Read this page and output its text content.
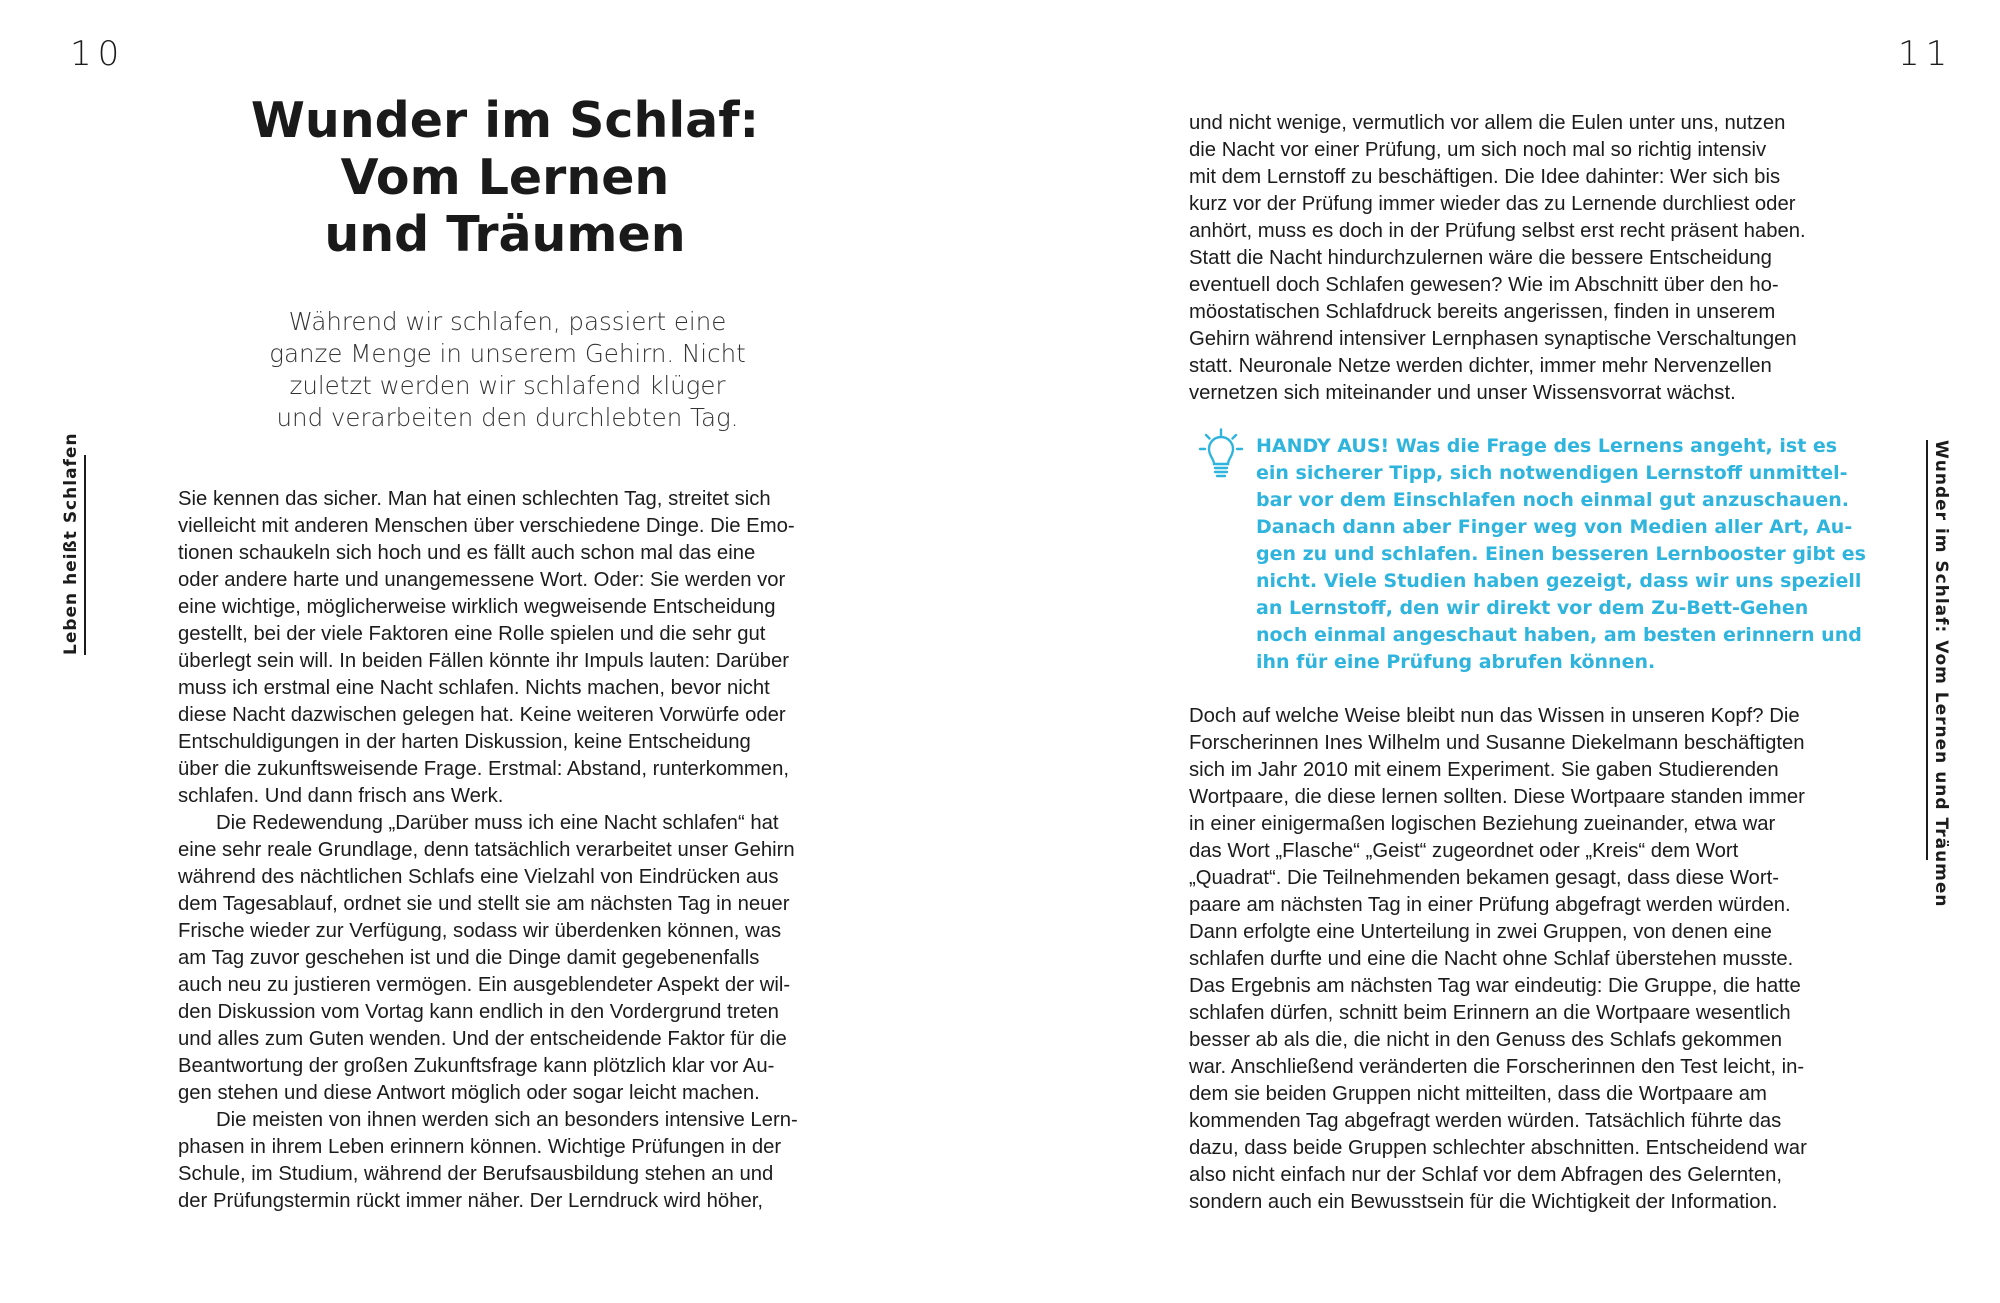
10	11
Leben heißt Schlafen	Wunder im Schlaf: Vom Lernen und Träumen
Wunder im Schlaf:
Vom Lernen
und Träumen

Während wir schlafen, passiert eine
ganze Menge in unserem Gehirn. Nicht
zuletzt werden wir schlafend klüger
und verarbeiten den durchlebten Tag.

Sie kennen das sicher. Man hat einen schlechten Tag, streitet sich
vielleicht mit anderen Menschen über verschiedene Dinge. Die Emo-
tionen schaukeln sich hoch und es fällt auch schon mal das eine
oder andere harte und unangemessene Wort. Oder: Sie werden vor
eine wichtige, möglicherweise wirklich wegweisende Entscheidung
gestellt, bei der viele Faktoren eine Rolle spielen und die sehr gut
überlegt sein will. In beiden Fällen könnte ihr Impuls lauten: Darüber
muss ich erstmal eine Nacht schlafen. Nichts machen, bevor nicht
diese Nacht dazwischen gelegen hat. Keine weiteren Vorwürfe oder
Entschuldigungen in der harten Diskussion, keine Entscheidung
über die zukunftsweisende Frage. Erstmal: Abstand, runterkommen,
schlafen. Und dann frisch ans Werk.
Die Redewendung „Darüber muss ich eine Nacht schlafen“ hat
eine sehr reale Grundlage, denn tatsächlich verarbeitet unser Gehirn
während des nächtlichen Schlafs eine Vielzahl von Eindrücken aus
dem Tagesablauf, ordnet sie und stellt sie am nächsten Tag in neuer
Frische wieder zur Verfügung, sodass wir überdenken können, was
am Tag zuvor geschehen ist und die Dinge damit gegebenenfalls
auch neu zu justieren vermögen. Ein ausgeblendeter Aspekt der wil-
den Diskussion vom Vortag kann endlich in den Vordergrund treten
und alles zum Guten wenden. Und der entscheidende Faktor für die
Beantwortung der großen Zukunftsfrage kann plötzlich klar vor Au-
gen stehen und diese Antwort möglich oder sogar leicht machen.
Die meisten von ihnen werden sich an besonders intensive Lern-
phasen in ihrem Leben erinnern können. Wichtige Prüfungen in der
Schule, im Studium, während der Berufsausbildung stehen an und
der Prüfungstermin rückt immer näher. Der Lerndruck wird höher,
und nicht wenige, vermutlich vor allem die Eulen unter uns, nutzen
die Nacht vor einer Prüfung, um sich noch mal so richtig intensiv
mit dem Lernstoff zu beschäftigen. Die Idee dahinter: Wer sich bis
kurz vor der Prüfung immer wieder das zu Lernende durchliest oder
anhört, muss es doch in der Prüfung selbst erst recht präsent haben.
Statt die Nacht hindurchzulernen wäre die bessere Entscheidung
eventuell doch Schlafen gewesen? Wie im Abschnitt über den ho-
möostatischen Schlafdruck bereits angerissen, finden in unserem
Gehirn während intensiver Lernphasen synaptische Verschaltungen
statt. Neuronale Netze werden dichter, immer mehr Nervenzellen
vernetzen sich miteinander und unser Wissensvorrat wächst.
HANDY AUS! Was die Frage des Lernens angeht, ist es
ein sicherer Tipp, sich notwendigen Lernstoff unmittel-
bar vor dem Einschlafen noch einmal gut anzuschauen.
Danach dann aber Finger weg von Medien aller Art, Au-
gen zu und schlafen. Einen besseren Lernbooster gibt es
nicht. Viele Studien haben gezeigt, dass wir uns speziell
an Lernstoff, den wir direkt vor dem Zu-Bett-Gehen
noch einmal angeschaut haben, am besten erinnern und
ihn für eine Prüfung abrufen können.
Doch auf welche Weise bleibt nun das Wissen in unseren Kopf? Die
Forscherinnen Ines Wilhelm und Susanne Diekelmann beschäftigten
sich im Jahr 2010 mit einem Experiment. Sie gaben Studierenden
Wortpaare, die diese lernen sollten. Diese Wortpaare standen immer
in einer einigermaßen logischen Beziehung zueinander, etwa war
das Wort „Flasche“ „Geist“ zugeordnet oder „Kreis“ dem Wort
„Quadrat“. Die Teilnehmenden bekamen gesagt, dass diese Wort-
paare am nächsten Tag in einer Prüfung abgefragt werden würden.
Dann erfolgte eine Unterteilung in zwei Gruppen, von denen eine
schlafen durfte und eine die Nacht ohne Schlaf überstehen musste.
Das Ergebnis am nächsten Tag war eindeutig: Die Gruppe, die hatte
schlafen dürfen, schnitt beim Erinnern an die Wortpaare wesentlich
besser ab als die, die nicht in den Genuss des Schlafs gekommen
war. Anschließend veränderten die Forscherinnen den Test leicht, in-
dem sie beiden Gruppen nicht mitteilten, dass die Wortpaare am
kommenden Tag abgefragt werden würden. Tatsächlich führte das
dazu, dass beide Gruppen schlechter abschnitten. Entscheidend war
also nicht einfach nur der Schlaf vor dem Abfragen des Gelernten,
sondern auch ein Bewusstsein für die Wichtigkeit der Information.
